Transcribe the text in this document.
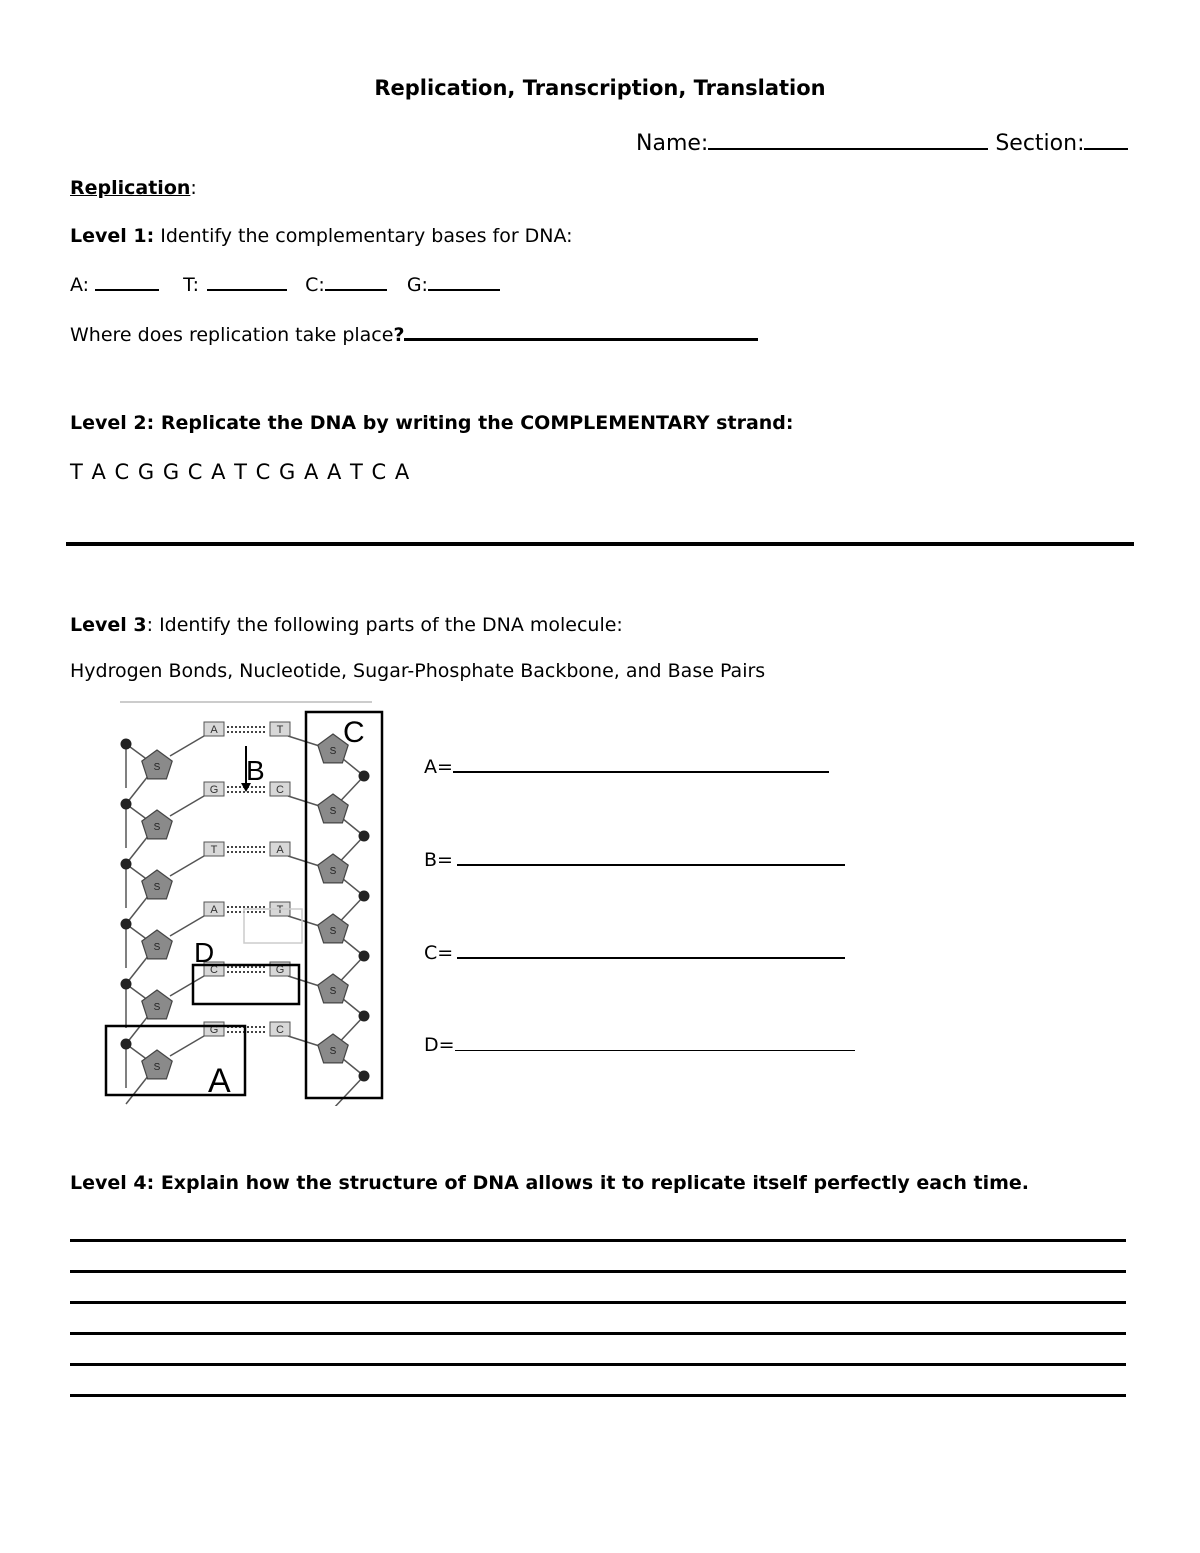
Replication, Transcription, Translation
Name:	Section:
Replication:
Level 1: Identify the complementary bases for DNA:
A:	T:	C:	G:
Where does replication take place?
Level 2: Replicate the DNA by writing the COMPLEMENTARY strand:
T A C G G C A T C G A A T C A
Level 3: Identify the following parts of the DNA molecule:
Hydrogen Bonds, Nucleotide, Sugar-Phosphate Backbone, and Base Pairs
S
S
A	T
S
S
G	C
S
S
T	A
S
S
A	T
S
S
C	G
S
S
G	C
C
B
D
A
A=
B=
C=
D=
Level 4: Explain how the structure of DNA allows it to replicate itself perfectly each time.
